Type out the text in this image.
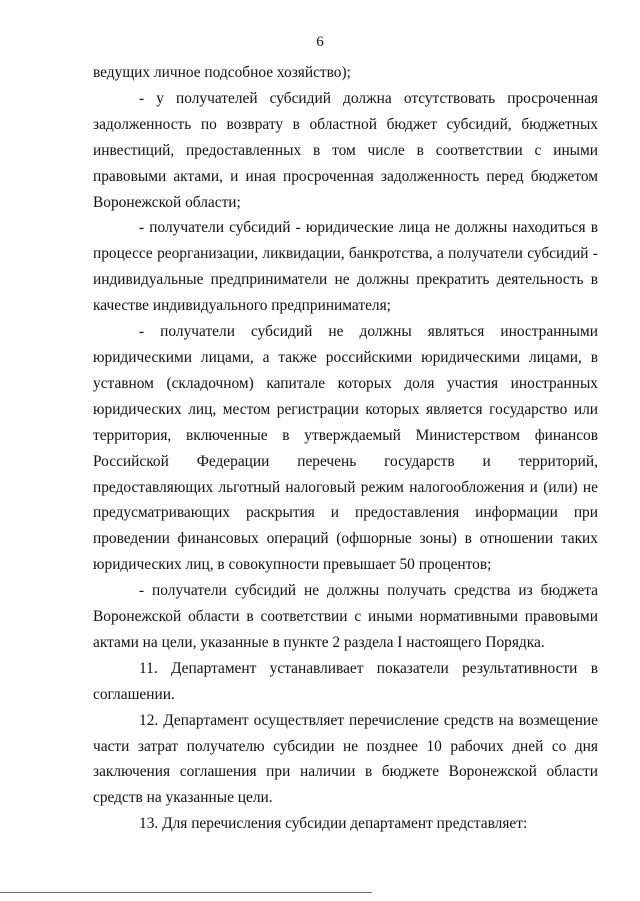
6

ведущих личное подсобное хозяйство);

- у получателей субсидий должна отсутствовать просроченная задолженность по возврату в областной бюджет субсидий, бюджетных инвестиций, предоставленных в том числе в соответствии с иными правовыми актами, и иная просроченная задолженность перед бюджетом Воронежской области;

- получатели субсидий - юридические лица не должны находиться в процессе реорганизации, ликвидации, банкротства, а получатели субсидий - индивидуальные предприниматели не должны прекратить деятельность в качестве индивидуального предпринимателя;

- получатели субсидий не должны являться иностранными юридическими лицами, а также российскими юридическими лицами, в уставном (складочном) капитале которых доля участия иностранных юридических лиц, местом регистрации которых является государство или территория, включенные в утверждаемый Министерством финансов Российской Федерации перечень государств и территорий, предоставляющих льготный налоговый режим налогообложения и (или) не предусматривающих раскрытия и предоставления информации при проведении финансовых операций (офшорные зоны) в отношении таких юридических лиц, в совокупности превышает 50 процентов;

- получатели субсидий не должны получать средства из бюджета Воронежской области в соответствии с иными нормативными правовыми актами на цели, указанные в пункте 2 раздела I настоящего Порядка.

11. Департамент устанавливает показатели результативности в соглашении.

12. Департамент осуществляет перечисление средств на возмещение части затрат получателю субсидии не позднее 10 рабочих дней со дня заключения соглашения при наличии в бюджете Воронежской области средств на указанные цели.

13. Для перечисления субсидии департамент представляет:
